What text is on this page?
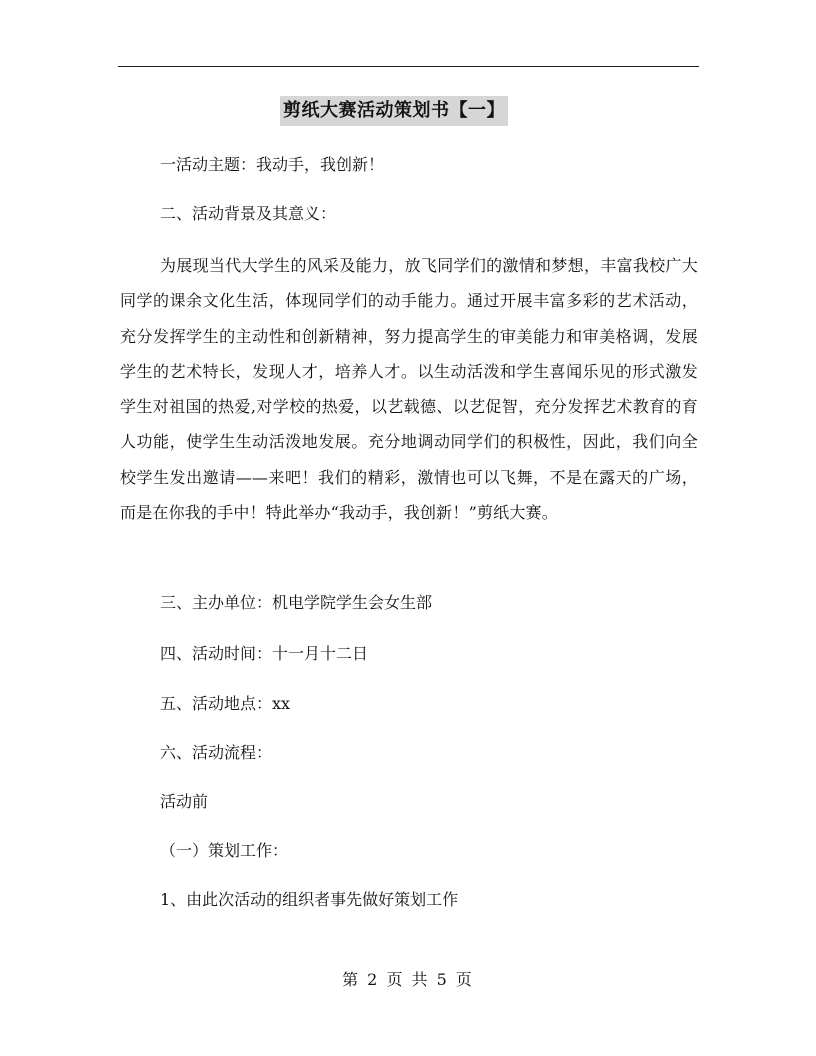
剪纸大赛活动策划书【一】
一活动主题：我动手，我创新！
二、活动背景及其意义：
为展现当代大学生的风采及能力，放飞同学们的激情和梦想，丰富我校广大同学的课余文化生活，体现同学们的动手能力。通过开展丰富多彩的艺术活动，充分发挥学生的主动性和创新精神，努力提高学生的审美能力和审美格调，发展学生的艺术特长，发现人才，培养人才。以生动活泼和学生喜闻乐见的形式激发学生对祖国的热爱,对学校的热爱，以艺载德、以艺促智，充分发挥艺术教育的育人功能，使学生生动活泼地发展。充分地调动同学们的积极性，因此，我们向全校学生发出邀请——来吧！我们的精彩，激情也可以飞舞，不是在露天的广场，而是在你我的手中！特此举办“我动手，我创新！”剪纸大赛。
三、主办单位：机电学院学生会女生部
四、活动时间：十一月十二日
五、活动地点：xx
六、活动流程：
活动前
（一）策划工作：
1、由此次活动的组织者事先做好策划工作
第 2 页 共 5 页
